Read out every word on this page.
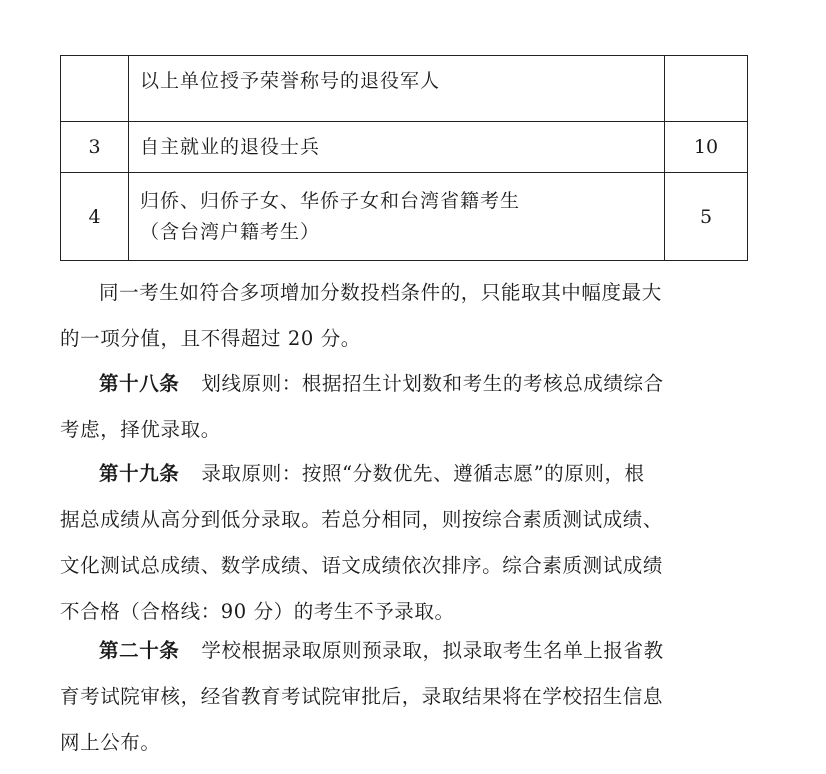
	以上单位授予荣誉称号的退役军人	

3	自主就业的退役士兵	10
4	归侨、归侨子女、华侨子女和台湾省籍考生
（含台湾户籍考生）	5
同一考生如符合多项增加分数投档条件的，只能取其中幅度最大
的一项分值，且不得超过 20 分。
第十八条 划线原则：根据招生计划数和考生的考核总成绩综合
考虑，择优录取。
第十九条 录取原则：按照“分数优先、遵循志愿”的原则，根
据总成绩从高分到低分录取。若总分相同，则按综合素质测试成绩、
文化测试总成绩、数学成绩、语文成绩依次排序。综合素质测试成绩
不合格（合格线：90 分）的考生不予录取。
第二十条 学校根据录取原则预录取，拟录取考生名单上报省教
育考试院审核，经省教育考试院审批后，录取结果将在学校招生信息
网上公布。
